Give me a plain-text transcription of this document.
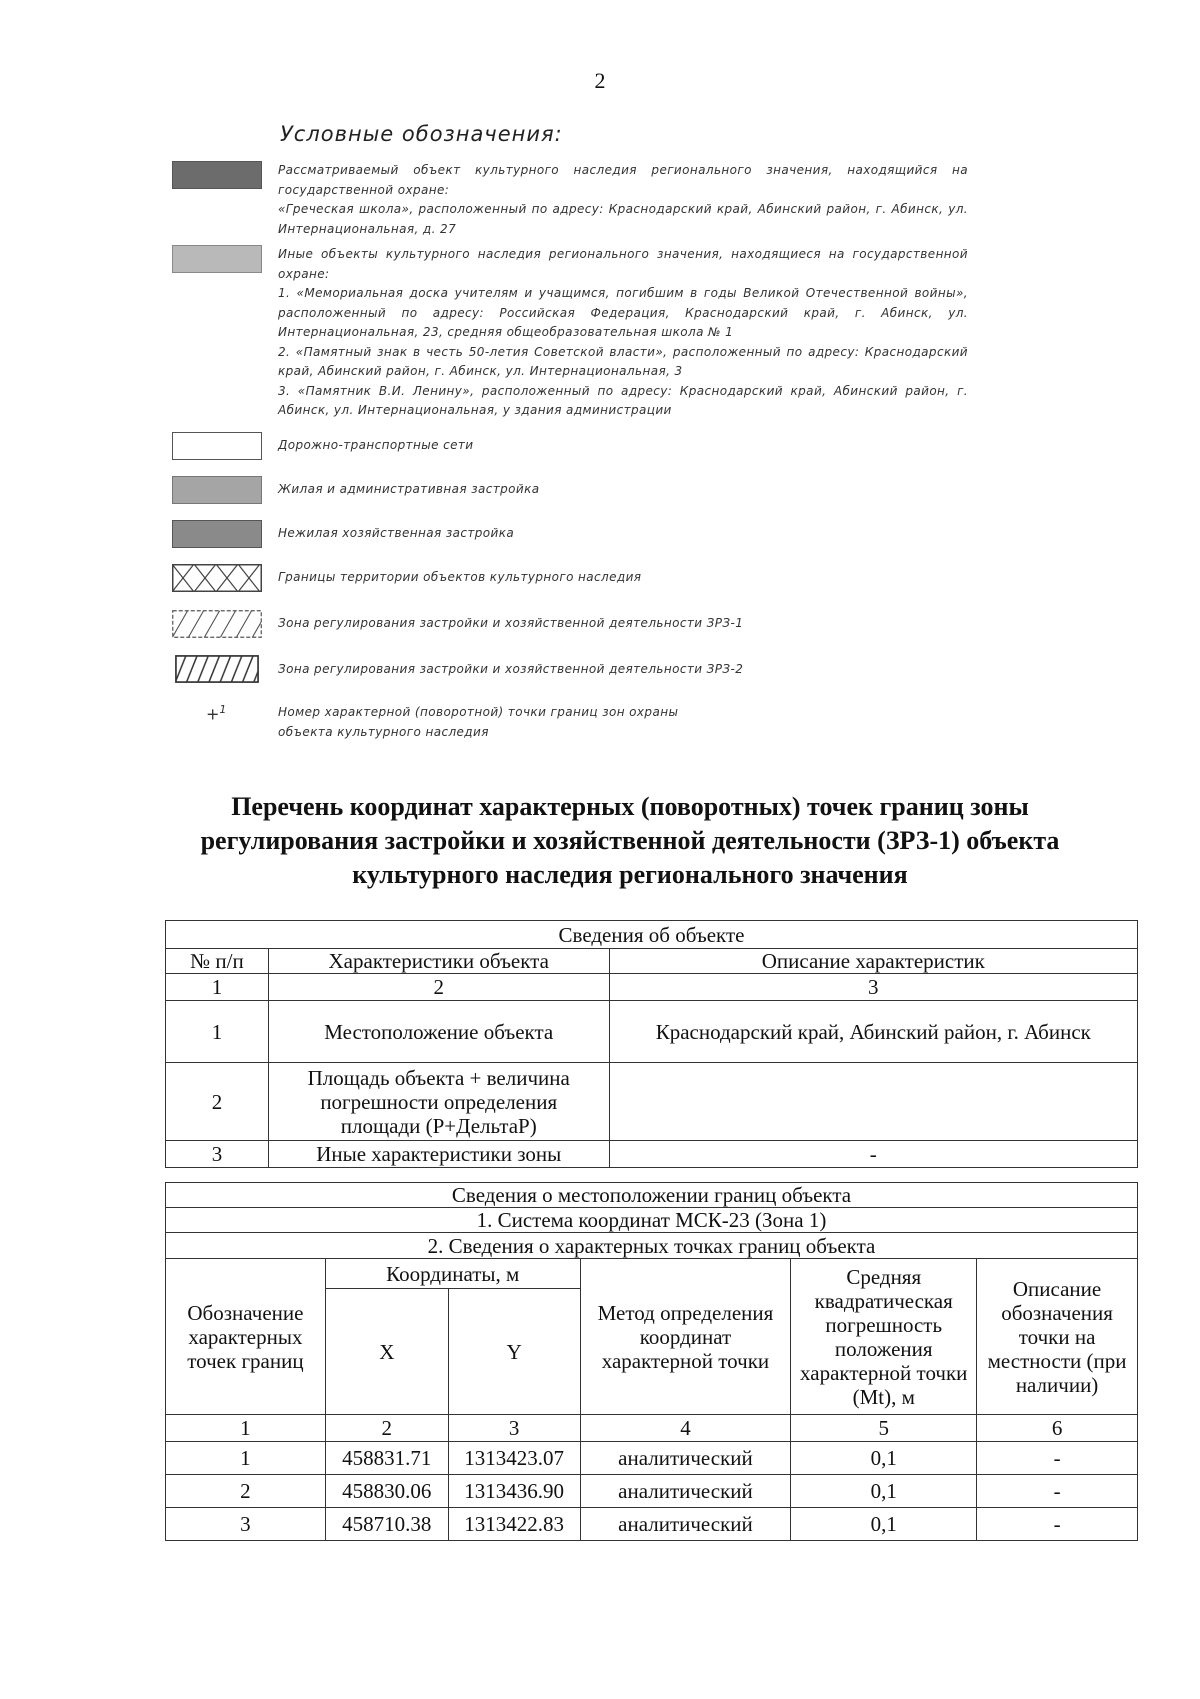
2
Условные обозначения:
Рассматриваемый объект культурного наследия регионального значения, находящийся на государственной охране:
«Греческая школа», расположенный по адресу: Краснодарский край, Абинский район, г. Абинск, ул. Интернациональная, д. 27
Иные объекты культурного наследия регионального значения, находящиеся на государственной охране:
1. «Мемориальная доска учителям и учащимся, погибшим в годы Великой Отечественной войны», расположенный по адресу: Российская Федерация, Краснодарский край, г. Абинск, ул. Интернациональная, 23, средняя общеобразовательная школа № 1
2. «Памятный знак в честь 50-летия Советской власти», расположенный по адресу: Краснодарский край, Абинский район, г. Абинск, ул. Интернациональная, 3
3. «Памятник В.И. Ленину», расположенный по адресу: Краснодарский край, Абинский район, г. Абинск, ул. Интернациональная, у здания администрации
Дорожно-транспортные сети
Жилая и административная застройка
Нежилая хозяйственная застройка
Границы территории объектов культурного наследия
Зона регулирования застройки и хозяйственной деятельности ЗРЗ-1
Зона регулирования застройки и хозяйственной деятельности ЗРЗ-2
+$^1$	Номер характерной (поворотной) точки границ зон охраны объекта культурного наследия
Перечень координат характерных (поворотных) точек границ зоны регулирования застройки и хозяйственной деятельности (ЗРЗ-1) объекта культурного наследия регионального значения
Сведения об объекте		
№ п/п	Характеристики объекта	Описание характеристик
1	2	3
1	Местоположение объекта	Краснодарский край, Абинский район, г. Абинск
2	Площадь объекта + величина погрешности определения площади (Р+ДельтаР)	
3	Иные характеристики зоны	-
Сведения о местоположении границ объекта
1. Система координат МСК-23 (Зона 1)
2. Сведения о характерных точках границ объекта
Обозначение характерных точек границ	Координаты, м		Метод определения координат характерной точки	Средняя квадратическая погрешность положения характерной точки (Mt), м	Описание обозначения точки на местности (при наличии)
	X	Y			
1	2	3	4	5	6
1	458831.71	1313423.07	аналитический	0,1	-
2	458830.06	1313436.90	аналитический	0,1	-
3	458710.38	1313422.83	аналитический	0,1	-
